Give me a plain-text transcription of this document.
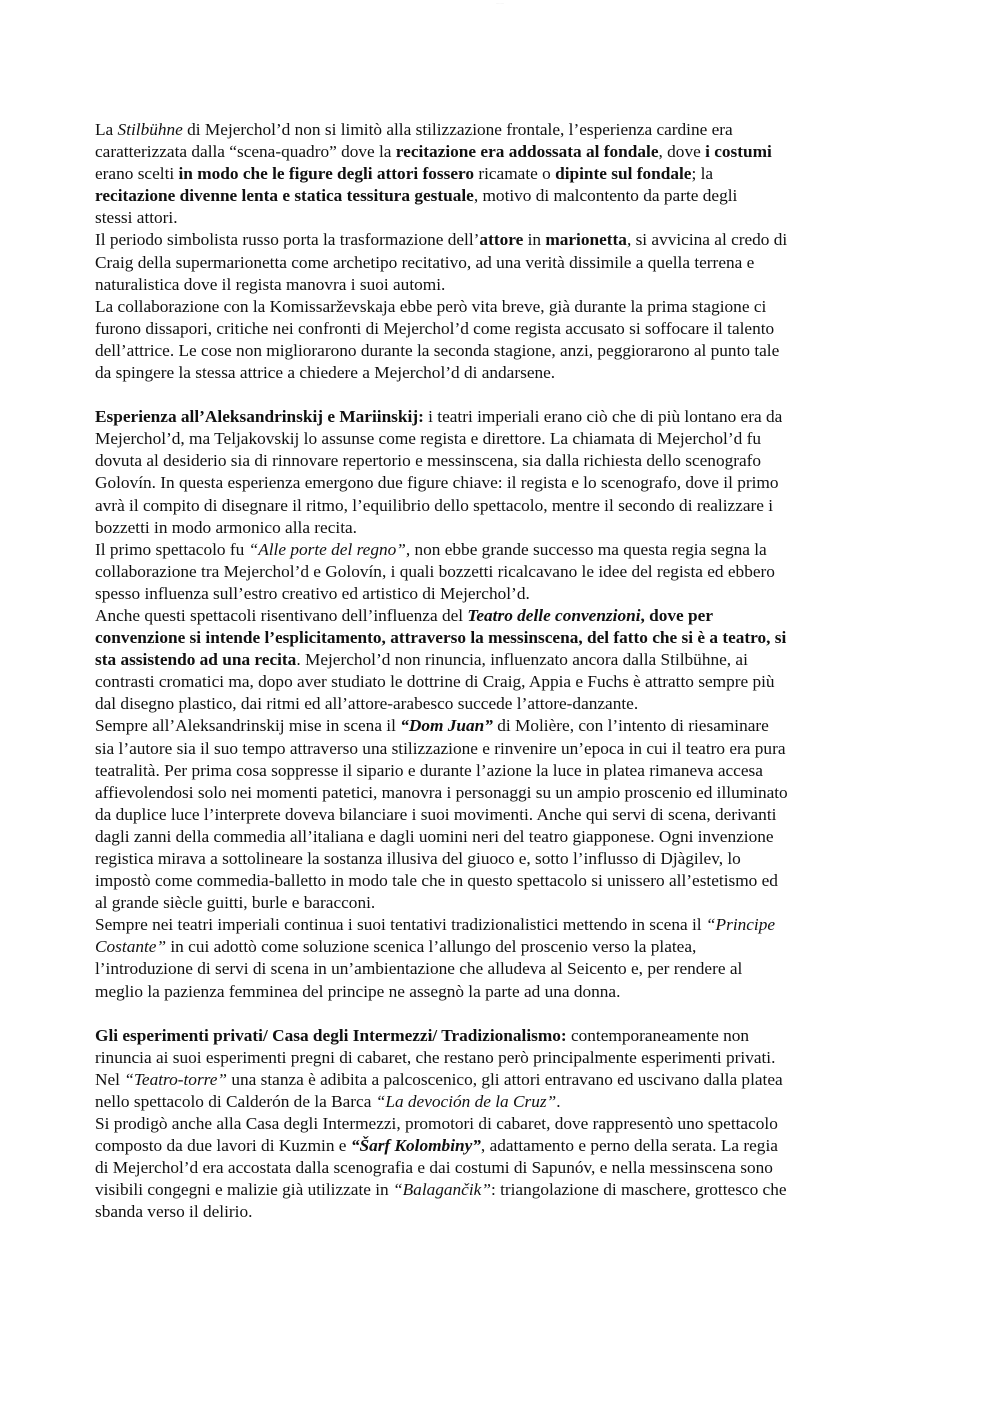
..........
La Stilbühne di Mejerchol’d non si limitò alla stilizzazione frontale, l’esperienza cardine era
caratterizzata dalla “scena-quadro” dove la recitazione era addossata al fondale, dove i costumi
erano scelti in modo che le figure degli attori fossero ricamate o dipinte sul fondale; la
recitazione divenne lenta e statica tessitura gestuale, motivo di malcontento da parte degli
stessi attori.
Il periodo simbolista russo porta la trasformazione dell’attore in marionetta, si avvicina al credo di
Craig della supermarionetta come archetipo recitativo, ad una verità dissimile a quella terrena e
naturalistica dove il regista manovra i suoi automi.
La collaborazione con la Komissarževskaja ebbe però vita breve, già durante la prima stagione ci
furono dissapori, critiche nei confronti di Mejerchol’d come regista accusato si soffocare il talento
dell’attrice. Le cose non migliorarono durante la seconda stagione, anzi, peggiorarono al punto tale
da spingere la stessa attrice a chiedere a Mejerchol’d di andarsene.
Esperienza all’Aleksandrinskij e Mariinskij: i teatri imperiali erano ciò che di più lontano era da
Mejerchol’d, ma Teljakovskij lo assunse come regista e direttore. La chiamata di Mejerchol’d fu
dovuta al desiderio sia di rinnovare repertorio e messinscena, sia dalla richiesta dello scenografo
Golovín. In questa esperienza emergono due figure chiave: il regista e lo scenografo, dove il primo
avrà il compito di disegnare il ritmo, l’equilibrio dello spettacolo, mentre il secondo di realizzare i
bozzetti in modo armonico alla recita.
Il primo spettacolo fu “Alle porte del regno”, non ebbe grande successo ma questa regia segna la
collaborazione tra Mejerchol’d e Golovín, i quali bozzetti ricalcavano le idee del regista ed ebbero
spesso influenza sull’estro creativo ed artistico di Mejerchol’d.
Anche questi spettacoli risentivano dell’influenza del Teatro delle convenzioni, dove per
convenzione si intende l’esplicitamento, attraverso la messinscena, del fatto che si è a teatro, si
sta assistendo ad una recita. Mejerchol’d non rinuncia, influenzato ancora dalla Stilbühne, ai
contrasti cromatici ma, dopo aver studiato le dottrine di Craig, Appia e Fuchs è attratto sempre più
dal disegno plastico, dai ritmi ed all’attore-arabesco succede l’attore-danzante.
Sempre all’Aleksandrinskij mise in scena il “Dom Juan” di Molière, con l’intento di riesaminare
sia l’autore sia il suo tempo attraverso una stilizzazione e rinvenire un’epoca in cui il teatro era pura
teatralità. Per prima cosa soppresse il sipario e durante l’azione la luce in platea rimaneva accesa
affievolendosi solo nei momenti patetici, manovra i personaggi su un ampio proscenio ed illuminato
da duplice luce l’interprete doveva bilanciare i suoi movimenti. Anche qui servi di scena, derivanti
dagli zanni della commedia all’italiana e dagli uomini neri del teatro giapponese. Ogni invenzione
registica mirava a sottolineare la sostanza illusiva del giuoco e, sotto l’influsso di Djàgilev, lo
impostò come commedia-balletto in modo tale che in questo spettacolo si unissero all’estetismo ed
al grande siècle guitti, burle e baracconi.
Sempre nei teatri imperiali continua i suoi tentativi tradizionalistici mettendo in scena il “Principe
Costante” in cui adottò come soluzione scenica l’allungo del proscenio verso la platea,
l’introduzione di servi di scena in un’ambientazione che alludeva al Seicento e, per rendere al
meglio la pazienza femminea del principe ne assegnò la parte ad una donna.
Gli esperimenti privati/ Casa degli Intermezzi/ Tradizionalismo: contemporaneamente non
rinuncia ai suoi esperimenti pregni di cabaret, che restano però principalmente esperimenti privati.
Nel “Teatro-torre” una stanza è adibita a palcoscenico, gli attori entravano ed uscivano dalla platea
nello spettacolo di Calderón de la Barca “La devoción de la Cruz”.
Si prodigò anche alla Casa degli Intermezzi, promotori di cabaret, dove rappresentò uno spettacolo
composto da due lavori di Kuzmin e “Šarf Kolombiny”, adattamento e perno della serata. La regia
di Mejerchol’d era accostata dalla scenografia e dai costumi di Sapunóv, e nella messinscena sono
visibili congegni e malizie già utilizzate in “Balagančik”: triangolazione di maschere, grottesco che
sbanda verso il delirio.
